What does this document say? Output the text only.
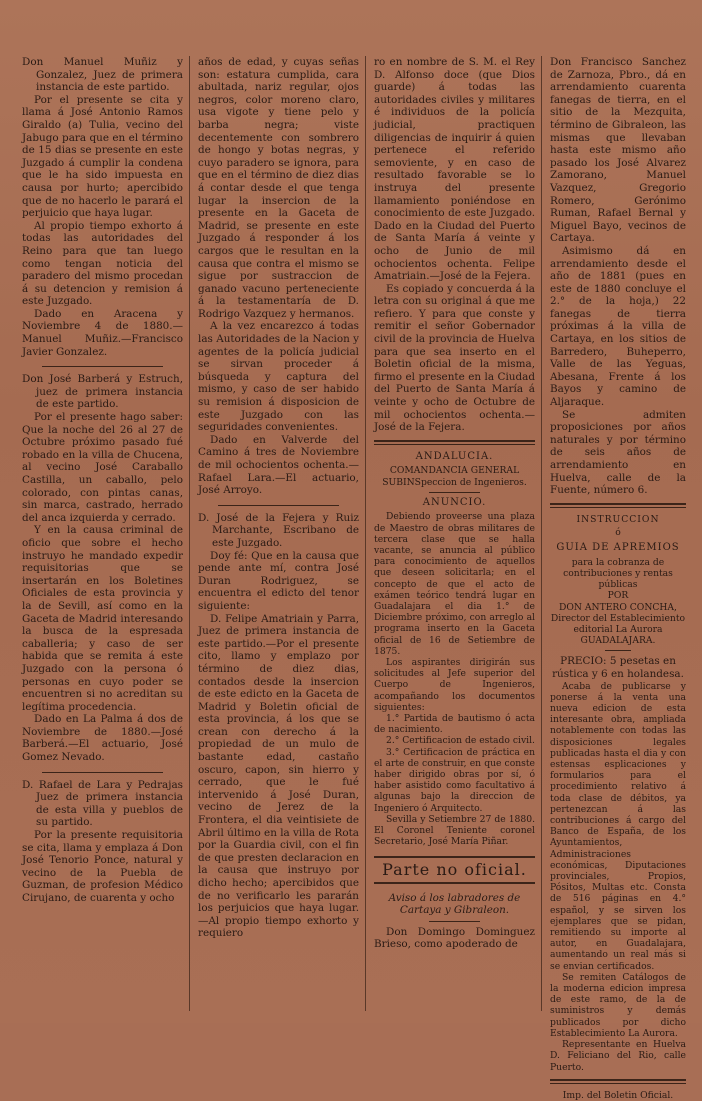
Don Manuel Muñiz y Gonzalez, Juez de primera instancia de este partido.

Por el presente se cita y llama á José Antonio Ramos Giraldo (a) Tulia, vecino del Jabugo para que en el término de 15 dias se presente en este Juzgado á cumplir la condena que le ha sido impuesta en causa por hurto; apercibido que de no hacerlo le parará el perjuicio que haya lugar.

Al propio tiempo exhorto á todas las autoridades del Reino para que tan luego como tengan noticia del paradero del mismo procedan á su detencion y remision á este Juzgado.

Dado en Aracena y Noviembre 4 de 1880.—Manuel Muñiz.—Francisco Javier Gonzalez.

Don José Barberá y Estruch, juez de primera instancia de este partido.

Por el presente hago saber: Que la noche del 26 al 27 de Octubre próximo pasado fué robado en la villa de Chucena, al vecino José Caraballo Castilla, un caballo, pelo colorado, con pintas canas, sin marca, castrado, herrado del anca izquierda y cerrado.

Y en la causa criminal de oficio que sobre el hecho instruyo he mandado expedir requisitorias que se insertarán en los Boletines Oficiales de esta provincia y la de Sevill, así como en la Gaceta de Madrid interesando la busca de la espresada caballeria; y caso de ser habida que se remita á este Juzgado con la persona ó personas en cuyo poder se encuentren si no acreditan su legítima procedencia.

Dado en La Palma á dos de Noviembre de 1880.—José Barberá.—El actuario, José Gomez Nevado.

D. Rafael de Lara y Pedrajas Juez de primera instancia de esta villa y pueblos de su partido.

Por la presente requisitoria se cita, llama y emplaza á Don José Tenorio Ponce, natural y vecino de la Puebla de Guzman, de profesion Médico Cirujano, de cuarenta y ocho

años de edad, y cuyas señas son: estatura cumplida, cara abultada, nariz regular, ojos negros, color moreno claro, usa vigote y tiene pelo y barba negra; viste decentemente con sombrero de hongo y botas negras, y cuyo paradero se ignora, para que en el término de diez dias á contar desde el que tenga lugar la insercion de la presente en la Gaceta de Madrid, se presente en este Juzgado á responder á los cargos que le resultan en la causa que contra el mismo se sigue por sustraccion de ganado vacuno perteneciente á la testamentaría de D. Rodrigo Vazquez y hermanos.

A la vez encarezco á todas las Autoridades de la Nacion y agentes de la policía judicial se sirvan proceder á búsqueda y captura del mismo, y caso de ser habido su remision á disposicion de este Juzgado con las seguridades convenientes.

Dado en Valverde del Camino á tres de Noviembre de mil ochocientos ochenta.—Rafael Lara.—El actuario, José Arroyo.

D. José de la Fejera y Ruiz Marchante, Escribano de este Juzgado.

Doy fé: Que en la causa que pende ante mí, contra José Duran Rodriguez, se encuentra el edicto del tenor siguiente:

D. Felipe Amatriain y Parra, Juez de primera instancia de este partido.—Por el presente cito, llamo y emplazo por término de diez dias, contados desde la insercion de este edicto en la Gaceta de Madrid y Boletin oficial de esta provincia, á los que se crean con derecho á la propiedad de un mulo de bastante edad, castaño oscuro, capon, sin hierro y cerrado, que le fué intervenido á José Duran, vecino de Jerez de la Frontera, el dia veintisiete de Abril último en la villa de Rota por la Guardia civil, con el fin de que presten declaracion en la causa que instruyo por dicho hecho; apercibidos que de no verificarlo les pararán los perjuicios que haya lugar.—Al propio tiempo exhorto y requiero

ro en nombre de S. M. el Rey D. Alfonso doce (que Dios guarde) á todas las autoridades civiles y militares é individuos de la policía judicial, practiquen diligencias de inquirir á quien pertenece el referido semoviente, y en caso de resultado favorable se lo instruya del presente llamamiento poniéndose en conocimiento de este Juzgado. Dado en la Ciudad del Puerto de Santa María á veinte y ocho de Junio de mil ochocientos ochenta. Felipe Amatriain.—José de la Fejera.

Es copiado y concuerda á la letra con su original á que me refiero. Y para que conste y remitir el señor Gobernador civil de la provincia de Huelva para que sea inserto en el Boletin oficial de la misma, firmo el presente en la Ciudad del Puerto de Santa María á veinte y ocho de Octubre de mil ochocientos ochenta.—José de la Fejera.

ANDALUCIA.

COMANDANCIA GENERAL SUBINSpeccion de Ingenieros.

ANUNCIO.

Debiendo proveerse una plaza de Maestro de obras militares de tercera clase que se halla vacante, se anuncia al público para conocimiento de aquellos que deseen solicitarla; en el concepto de que el acto de exámen teórico tendrá lugar en Guadalajara el dia 1.° de Diciembre próximo, con arreglo al programa inserto en la Gaceta oficial de 16 de Setiembre de 1875.

Los aspirantes dirigirán sus solicitudes al Jefe superior del Cuerpo de Ingenieros, acompañando los documentos siguientes:

1.° Partida de bautismo ó acta de nacimiento.

2.° Certificacion de estado civil.

3.° Certificacion de práctica en el arte de construir, en que conste haber dirigido obras por sí, ó haber asistido como facultativo á algunas bajo la direccion de Ingeniero ó Arquitecto.

Sevilla y Setiembre 27 de 1880. El Coronel Teniente coronel Secretario, José María Piñar.

Parte no oficial.

Aviso á los labradores de Cartaya y Gibraleon.

Don Domingo Dominguez Brieso, como apoderado de

Don Francisco Sanchez de Zarnoza, Pbro., dá en arrendamiento cuarenta fanegas de tierra, en el sitio de la Mezquita, término de Gibraleon, las mismas que llevaban hasta este mismo año pasado los José Alvarez Zamorano, Manuel Vazquez, Gregorio Romero, Gerónimo Ruman, Rafael Bernal y Miguel Bayo, vecinos de Cartaya.

Asimismo dá en arrendamiento desde el año de 1881 (pues en este de 1880 concluye el 2.° de la hoja,) 22 fanegas de tierra próximas á la villa de Cartaya, en los sitios de Barredero, Buheperro, Valle de las Yeguas, Abesana, Frente á los Bayos y camino de Aljaraque.

Se admiten proposiciones por años naturales y por término de seis años de arrendamiento en Huelva, calle de la Fuente, número 6.

INSTRUCCION

ó

GUIA DE APREMIOS

para la cobranza de contribuciones y rentas públicas

POR

DON ANTERO CONCHA,

Director del Establecimiento editorial La Aurora

GUADALAJARA.

PRECIO: 5 pesetas en rústica y 6 en holandesa.

Acaba de publicarse y ponerse á la venta una nueva edicion de esta interesante obra, ampliada notablemente con todas las disposiciones legales publicadas hasta el dia y con estensas esplicaciones y formularios para el procedimiento relativo á toda clase de débitos, ya pertenezcan á las contribuciones á cargo del Banco de España, de los Ayuntamientos, Administraciones económicas, Diputaciones provinciales, Propios, Pósitos, Multas etc. Consta de 516 páginas en 4.° español, y se sirven los ejemplares que se pidan, remitiendo su importe al autor, en Guadalajara, aumentando un real más si se envian certificados.

Se remiten Catálogos de la moderna edicion impresa de este ramo, de la de suministros y demás publicados por dicho Establecimiento La Aurora.

Representante en Huelva D. Feliciano del Rio, calle Puerto.

Imp. del Boletin Oficial.
